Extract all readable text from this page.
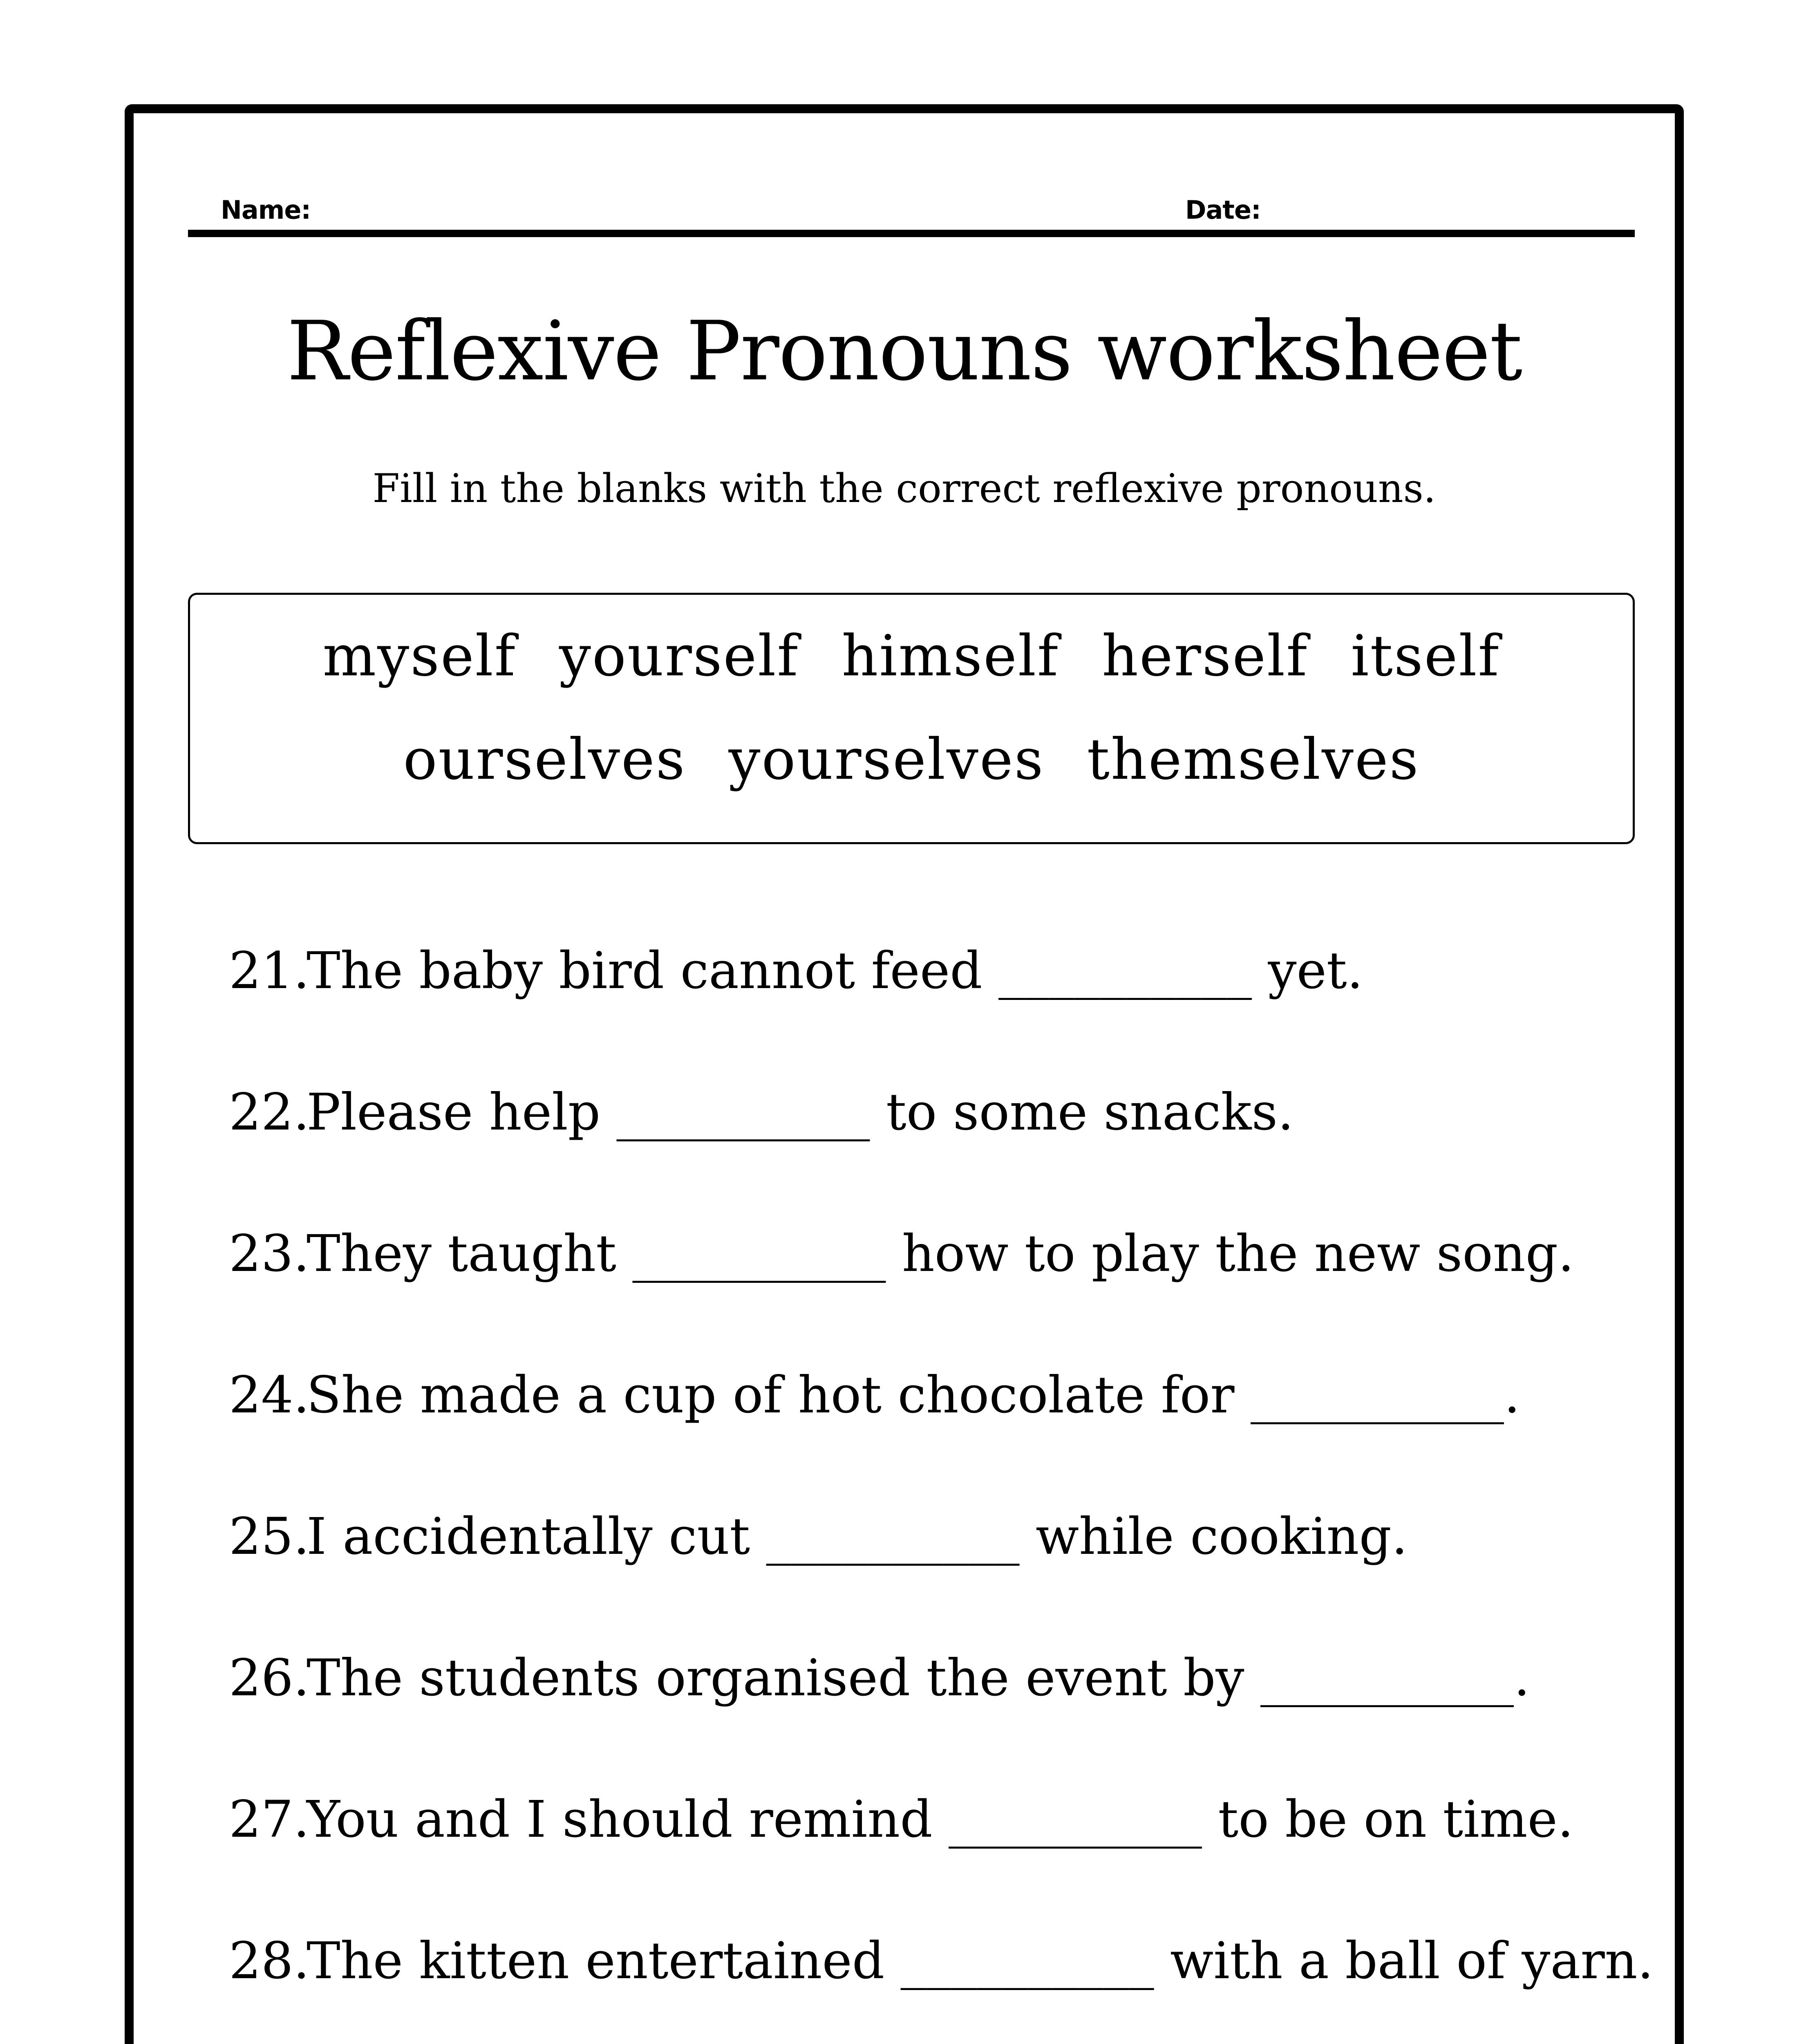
Name:	Date:
Reflexive Pronouns worksheet
Fill in the blanks with the correct reflexive pronouns.
myself yourself himself herself itself
ourselves yourselves themselves
21.The baby bird cannot feed __________ yet.
22.Please help __________ to some snacks.
23.They taught __________ how to play the new song.
24.She made a cup of hot chocolate for __________.
25.I accidentally cut __________ while cooking.
26.The students organised the event by __________.
27.You and I should remind __________ to be on time.
28.The kitten entertained __________ with a ball of yarn.
